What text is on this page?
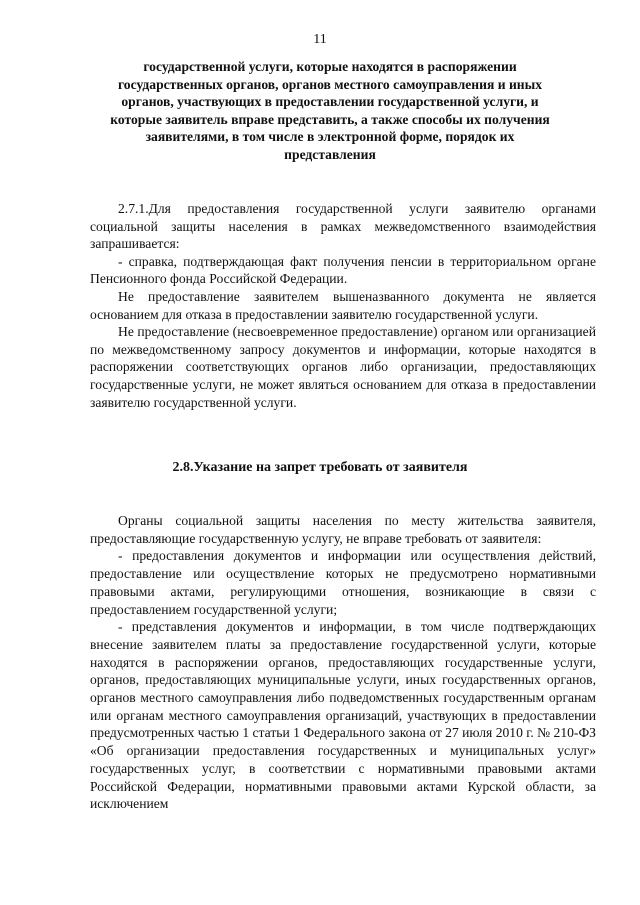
11
государственной услуги, которые находятся в распоряжении государственных органов, органов местного самоуправления и иных органов, участвующих в предоставлении государственной услуги, и которые заявитель вправе представить, а также способы их получения заявителями, в том числе в электронной форме, порядок их представления

2.7.1.Для предоставления государственной услуги заявителю органами социальной защиты населения в рамках межведомственного взаимодействия запрашивается:

- справка, подтверждающая факт получения пенсии в территориальном органе Пенсионного фонда Российской Федерации.

Не предоставление заявителем вышеназванного документа не является основанием для отказа в предоставлении заявителю государственной услуги.

Не предоставление (несвоевременное предоставление) органом или организацией по межведомственному запросу документов и информации, которые находятся в распоряжении соответствующих органов либо организации, предоставляющих государственные услуги, не может являться основанием для отказа в предоставлении заявителю государственной услуги.

2.8.Указание на запрет требовать от заявителя

Органы социальной защиты населения по месту жительства заявителя, предоставляющие государственную услугу, не вправе требовать от заявителя:

- предоставления документов и информации или осуществления действий, предоставление или осуществление которых не предусмотрено нормативными правовыми актами, регулирующими отношения, возникающие в связи с предоставлением государственной услуги;

- представления документов и информации, в том числе подтверждающих внесение заявителем платы за предоставление государственной услуги, которые находятся в распоряжении органов, предоставляющих государственные услуги, органов, предоставляющих муниципальные услуги, иных государственных органов, органов местного самоуправления либо подведомственных государственным органам или органам местного самоуправления организаций, участвующих в предоставлении предусмотренных частью 1 статьи 1 Федерального закона от 27 июля 2010 г. № 210-ФЗ «Об организации предоставления государственных и муниципальных услуг» государственных услуг, в соответствии с нормативными правовыми актами Российской Федерации, нормативными правовыми актами Курской области, за исключением
